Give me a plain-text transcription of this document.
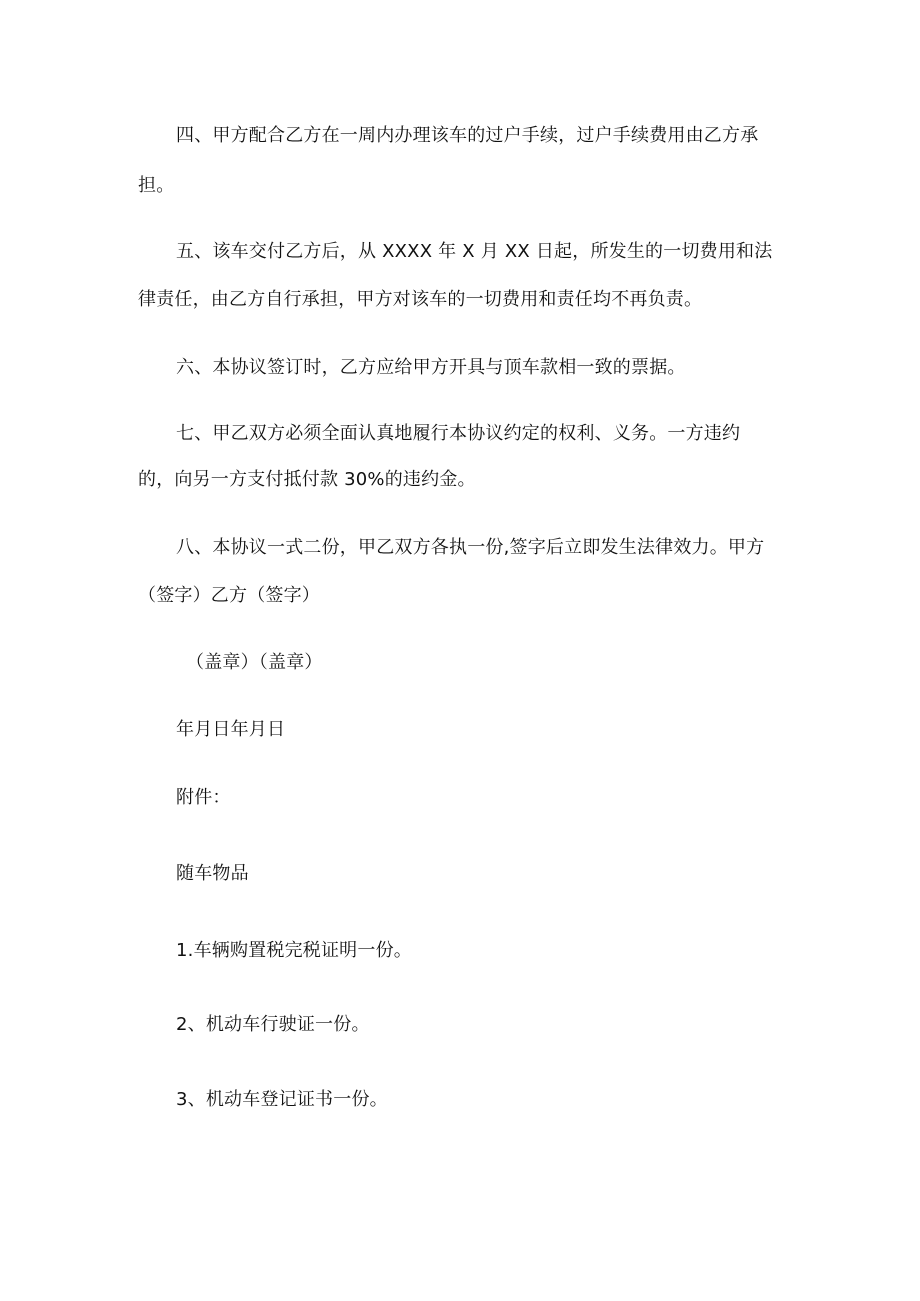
四、甲方配合乙方在一周内办理该车的过户手续，过户手续费用由乙方承
担。
五、该车交付乙方后，从 XXXX 年 X 月 XX 日起，所发生的一切费用和法
律责任，由乙方自行承担，甲方对该车的一切费用和责任均不再负责。
六、本协议签订时，乙方应给甲方开具与顶车款相一致的票据。
七、甲乙双方必须全面认真地履行本协议约定的权利、义务。一方违约
的，向另一方支付抵付款 30%的违约金。
八、本协议一式二份，甲乙双方各执一份,签字后立即发生法律效力。甲方
（签字）乙方（签字）
（盖章）（盖章）
年月日年月日
附件：
随车物品
1.车辆购置税完税证明一份。
2、机动车行驶证一份。
3、机动车登记证书一份。
